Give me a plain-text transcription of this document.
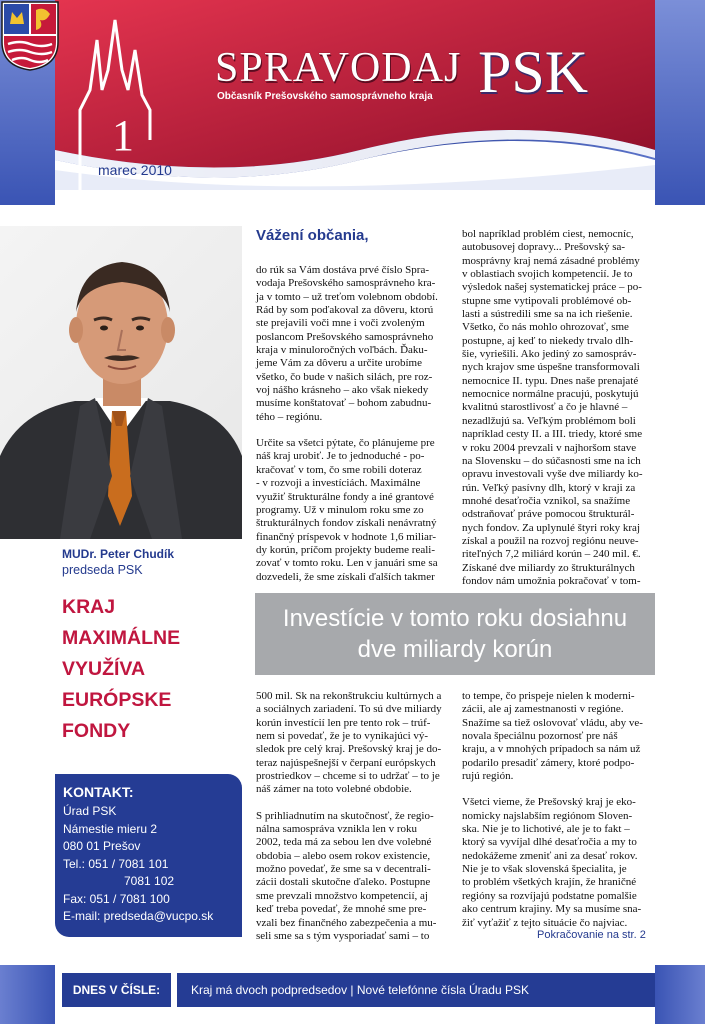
SPRAVODAJ PSK
Občasník Prešovského samosprávneho kraja
1
marec 2010
MUDr. Peter Chudík
predseda PSK
KRAJ
MAXIMÁLNE
VYUŽÍVA
EURÓPSKE
FONDY
KONTAKT:
Úrad PSK
Námestie mieru 2
080 01 Prešov
Tel.: 051 / 7081 101
7081 102
Fax: 051 / 7081 100
E-mail: predseda@vucpo.sk
Vážení občania,

do rúk sa Vám dostáva prvé číslo Spra-
vodaja Prešovského samosprávneho kra-
ja v tomto – už treťom volebnom období.
Rád by som poďakoval za dôveru, ktorú
ste prejavili voči mne i voči zvoleným
poslancom Prešovského samosprávneho
kraja v minuloročných voľbách. Ďaku-
jeme Vám za dôveru a určite urobíme
všetko, čo bude v našich silách, pre roz-
voj nášho krásneho – ako však niekedy
musíme konštatovať – bohom zabudnu-
tého – regiónu.

Určite sa všetci pýtate, čo plánujeme pre
náš kraj urobiť. Je to jednoduché - po-
kračovať v tom, čo sme robili doteraz
- v rozvoji a investíciách. Maximálne
využiť štrukturálne fondy a iné grantové
programy. Už v minulom roku sme zo
štrukturálnych fondov získali nenávratný
finančný príspevok v hodnote 1,6 miliar-
dy korún, príčom projekty budeme reali-
zovať v tomto roku. Len v januári sme sa
dozvedeli, že sme získali ďalších takmer

bol napríklad problém ciest, nemocníc,
autobusovej dopravy... Prešovský sa-
mosprávny kraj nemá zásadné problémy
v oblastiach svojich kompetencií. Je to
výsledok našej systematickej práce – po-
stupne sme vytipovali problémové ob-
lasti a sústredili sme sa na ich riešenie.
Všetko, čo nás mohlo ohrozovať, sme
postupne, aj keď to niekedy trvalo dlh-
šie, vyriešili. Ako jediný zo samospráv-
nych krajov sme úspešne transformovali
nemocnice II. typu. Dnes naše prenajaté
nemocnice normálne pracujú, poskytujú
kvalitnú starostlivosť a čo je hlavné –
nezadlžujú sa. Veľkým problémom boli
napríklad cesty II. a III. triedy, ktoré sme
v roku 2004 prevzali v najhoršom stave
na Slovensku – do súčasnosti sme na ich
opravu investovali vyše dve miliardy ko-
rún. Veľký pasívny dlh, ktorý v kraji za
mnohé desaťročia vznikol, sa snažíme
odstraňovať práve pomocou štrukturál-
nych fondov. Za uplynulé štyri roky kraj
získal a použil na rozvoj regiónu neuve-
riteľných 7,2 miliárd korún – 240 mil. €.
Získané dve miliardy zo štrukturálnych
fondov nám umožnia pokračovať v tom-

Investície v tomto roku dosiahnu
dve miliardy korún

500 mil. Sk na rekonštrukciu kultúrnych a
a sociálnych zariadení. To sú dve miliardy
korún investícií len pre tento rok – trúf-
nem si povedať, že je to vynikajúci vý-
sledok pre celý kraj. Prešovský kraj je do-
teraz najúspešnejší v čerpaní európskych
prostriedkov – chceme si to udržať – to je
náš zámer na toto volebné obdobie.

S prihliadnutím na skutočnosť, že regio-
nálna samospráva vznikla len v roku
2002, teda má za sebou len dve volebné
obdobia – alebo osem rokov existencie,
možno povedať, že sme sa v decentrali-
zácii dostali skutočne ďaleko. Postupne
sme prevzali množstvo kompetencií, aj
keď treba povedať, že mnohé sme pre-
vzali bez finančného zabezpečenia a mu-
seli sme sa s tým vysporiadať sami – to

to tempe, čo prispeje nielen k moderni-
zácii, ale aj zamestnanosti v regióne.
Snažíme sa tiež oslovovať vládu, aby ve-
novala špeciálnu pozornosť pre náš
kraju, a v mnohých prípadoch sa nám už
podarilo presadiť zámery, ktoré podpo-
rujú región.

Všetci vieme, že Prešovský kraj je eko-
nomicky najslabším regiónom Sloven-
ska. Nie je to lichotivé, ale je to fakt –
ktorý sa vyvíjal dlhé desaťročia a my to
nedokážeme zmeniť ani za desať rokov.
Nie je to však slovenská špecialita, je
to problém všetkých krajín, že hraničné
regióny sa rozvíjajú podstatne pomalšie
ako centrum krajiny. My sa musíme sna-
žiť vyťažiť z tejto situácie čo najviac.

Pokračovanie na str. 2
DNES V ČÍSLE:	Kraj má dvoch podpredsedov | Nové telefónne čísla Úradu PSK
